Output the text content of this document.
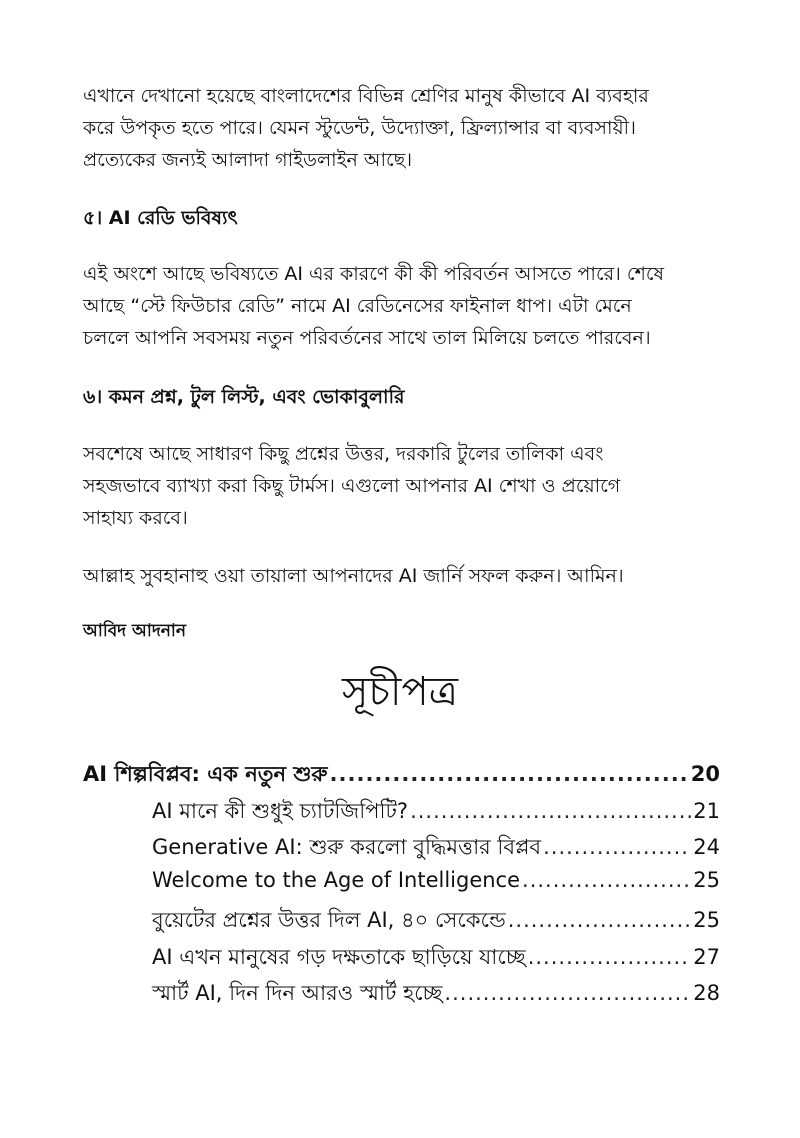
এখানে দেখানো হয়েছে বাংলাদেশের বিভিন্ন শ্রেণির মানুষ কীভাবে AI ব্যবহার
করে উপকৃত হতে পারে। যেমন স্টুডেন্ট, উদ্যোক্তা, ফ্রিল্যান্সার বা ব্যবসায়ী।
প্রত্যেকের জন্যই আলাদা গাইডলাইন আছে।

৫। AI রেডি ভবিষ্যৎ

এই অংশে আছে ভবিষ্যতে AI এর কারণে কী কী পরিবর্তন আসতে পারে। শেষে
আছে “স্টে ফিউচার রেডি” নামে AI রেডিনেসের ফাইনাল ধাপ। এটা মেনে
চললে আপনি সবসময় নতুন পরিবর্তনের সাথে তাল মিলিয়ে চলতে পারবেন।

৬। কমন প্রশ্ন, টুল লিস্ট, এবং ভোকাবুলারি

সবশেষে আছে সাধারণ কিছু প্রশ্নের উত্তর, দরকারি টুলের তালিকা এবং
সহজভাবে ব্যাখ্যা করা কিছু টার্মস। এগুলো আপনার AI শেখা ও প্রয়োগে
সাহায্য করবে।

আল্লাহ সুবহানাহু ওয়া তায়ালা আপনাদের AI জার্নি সফল করুন। আমিন।

আবিদ আদনান

সূচীপত্র
AI শিল্পবিপ্লব: এক নতুন শুরু .....	20
AI মানে কী শুধুই চ্যাটজিপিটি? .....	21
Generative AI: শুরু করলো বুদ্ধিমত্তার বিপ্লব .....	24
Welcome to the Age of Intelligence .....	25
বুয়েটের প্রশ্নের উত্তর দিল AI, ৪০ সেকেন্ডে .....	25
AI এখন মানুষের গড় দক্ষতাকে ছাড়িয়ে যাচ্ছে .....	27
স্মার্ট AI, দিন দিন আরও স্মার্ট হচ্ছে .....	28
